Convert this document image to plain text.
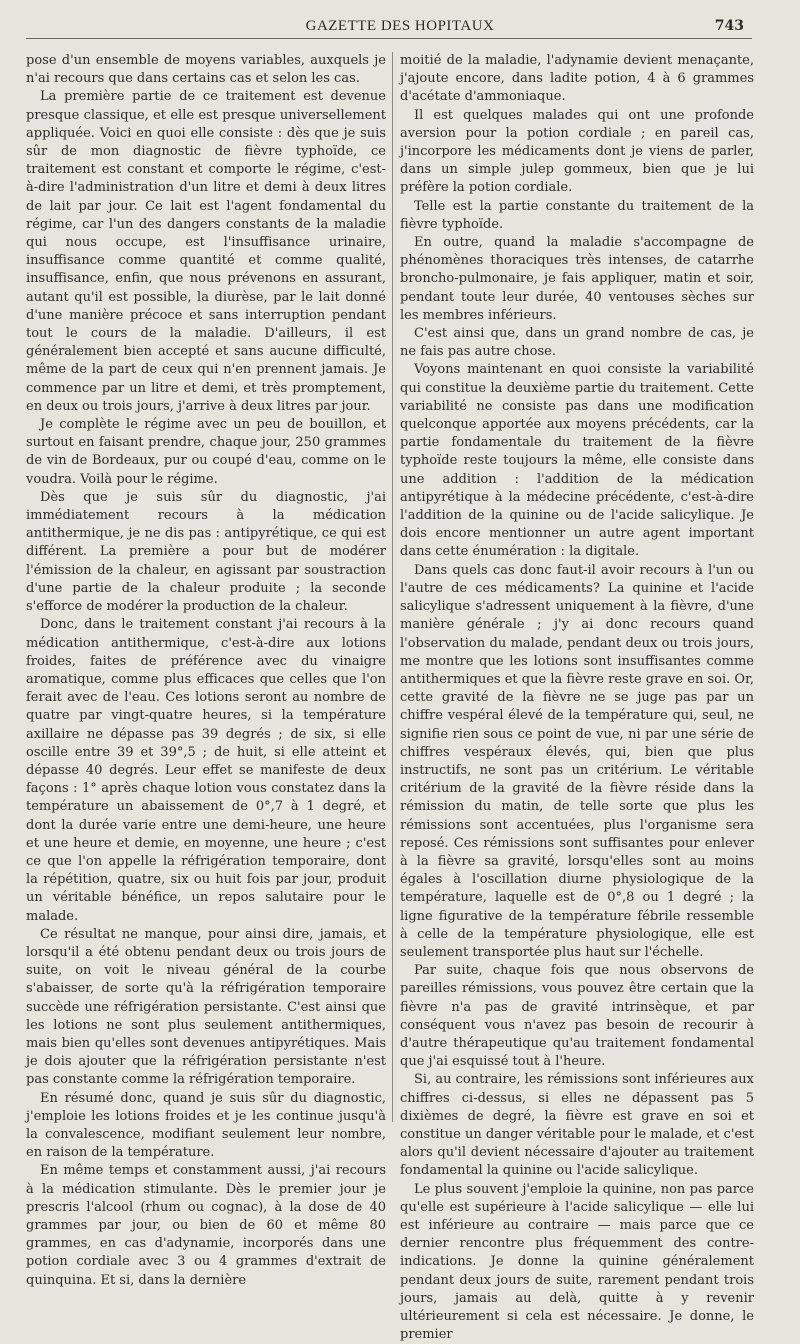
GAZETTE DES HOPITAUX	743

pose d'un ensemble de moyens variables, auxquels je n'ai recours que dans certains cas et selon les cas.

La première partie de ce traitement est devenue presque classique, et elle est presque universellement appliquée. Voici en quoi elle consiste : dès que je suis sûr de mon diagnostic de fièvre typhoïde, ce traitement est constant et comporte le régime, c'est-à-dire l'administration d'un litre et demi à deux litres de lait par jour. Ce lait est l'agent fondamental du régime, car l'un des dangers constants de la maladie qui nous occupe, est l'insuffisance urinaire, insuffisance comme quantité et comme qualité, insuffisance, enfin, que nous prévenons en assurant, autant qu'il est possible, la diurèse, par le lait donné d'une manière précoce et sans interruption pendant tout le cours de la maladie. D'ailleurs, il est généralement bien accepté et sans aucune difficulté, même de la part de ceux qui n'en prennent jamais. Je commence par un litre et demi, et très promptement, en deux ou trois jours, j'arrive à deux litres par jour.

Je complète le régime avec un peu de bouillon, et surtout en faisant prendre, chaque jour, 250 grammes de vin de Bordeaux, pur ou coupé d'eau, comme on le voudra. Voilà pour le régime.

Dès que je suis sûr du diagnostic, j'ai immédiatement recours à la médication antithermique, je ne dis pas : antipyrétique, ce qui est différent. La première a pour but de modérer l'émission de la chaleur, en agissant par soustraction d'une partie de la chaleur produite ; la seconde s'efforce de modérer la production de la chaleur.

Donc, dans le traitement constant j'ai recours à la médication antithermique, c'est-à-dire aux lotions froides, faites de préférence avec du vinaigre aromatique, comme plus efficaces que celles que l'on ferait avec de l'eau. Ces lotions seront au nombre de quatre par vingt-quatre heures, si la température axillaire ne dépasse pas 39 degrés ; de six, si elle oscille entre 39 et 39°,5 ; de huit, si elle atteint et dépasse 40 degrés. Leur effet se manifeste de deux façons : 1° après chaque lotion vous constatez dans la température un abaissement de 0°,7 à 1 degré, et dont la durée varie entre une demi-heure, une heure et une heure et demie, en moyenne, une heure ; c'est ce que l'on appelle la réfrigération temporaire, dont la répétition, quatre, six ou huit fois par jour, produit un véritable bénéfice, un repos salutaire pour le malade.

Ce résultat ne manque, pour ainsi dire, jamais, et lorsqu'il a été obtenu pendant deux ou trois jours de suite, on voit le niveau général de la courbe s'abaisser, de sorte qu'à la réfrigération temporaire succède une réfrigération persistante. C'est ainsi que les lotions ne sont plus seulement antithermiques, mais bien qu'elles sont devenues antipyrétiques. Mais je dois ajouter que la réfrigération persistante n'est pas constante comme la réfrigération temporaire.

En résumé donc, quand je suis sûr du diagnostic, j'emploie les lotions froides et je les continue jusqu'à la convalescence, modifiant seulement leur nombre, en raison de la température.

En même temps et constamment aussi, j'ai recours à la médication stimulante. Dès le premier jour je prescris l'alcool (rhum ou cognac), à la dose de 40 grammes par jour, ou bien de 60 et même 80 grammes, en cas d'adynamie, incorporés dans une potion cordiale avec 3 ou 4 grammes d'extrait de quinquina. Et si, dans la dernière

moitié de la maladie, l'adynamie devient menaçante, j'ajoute encore, dans ladite potion, 4 à 6 grammes d'acétate d'ammoniaque.

Il est quelques malades qui ont une profonde aversion pour la potion cordiale ; en pareil cas, j'incorpore les médicaments dont je viens de parler, dans un simple julep gommeux, bien que je lui préfère la potion cordiale.

Telle est la partie constante du traitement de la fièvre typhoïde.

En outre, quand la maladie s'accompagne de phénomènes thoraciques très intenses, de catarrhe broncho-pulmonaire, je fais appliquer, matin et soir, pendant toute leur durée, 40 ventouses sèches sur les membres inférieurs.

C'est ainsi que, dans un grand nombre de cas, je ne fais pas autre chose.

Voyons maintenant en quoi consiste la variabilité qui constitue la deuxième partie du traitement. Cette variabilité ne consiste pas dans une modification quelconque apportée aux moyens précédents, car la partie fondamentale du traitement de la fièvre typhoïde reste toujours la même, elle consiste dans une addition : l'addition de la médication antipyrétique à la médecine précédente, c'est-à-dire l'addition de la quinine ou de l'acide salicylique. Je dois encore mentionner un autre agent important dans cette énumération : la digitale.

Dans quels cas donc faut-il avoir recours à l'un ou l'autre de ces médicaments? La quinine et l'acide salicylique s'adressent uniquement à la fièvre, d'une manière générale ; j'y ai donc recours quand l'observation du malade, pendant deux ou trois jours, me montre que les lotions sont insuffisantes comme antithermiques et que la fièvre reste grave en soi. Or, cette gravité de la fièvre ne se juge pas par un chiffre vespéral élevé de la température qui, seul, ne signifie rien sous ce point de vue, ni par une série de chiffres vespéraux élevés, qui, bien que plus instructifs, ne sont pas un critérium. Le véritable critérium de la gravité de la fièvre réside dans la rémission du matin, de telle sorte que plus les rémissions sont accentuées, plus l'organisme sera reposé. Ces rémissions sont suffisantes pour enlever à la fièvre sa gravité, lorsqu'elles sont au moins égales à l'oscillation diurne physiologique de la température, laquelle est de 0°,8 ou 1 degré ; la ligne figurative de la température fébrile ressemble à celle de la température physiologique, elle est seulement transportée plus haut sur l'échelle.

Par suite, chaque fois que nous observons de pareilles rémissions, vous pouvez être certain que la fièvre n'a pas de gravité intrinsèque, et par conséquent vous n'avez pas besoin de recourir à d'autre thérapeutique qu'au traitement fondamental que j'ai esquissé tout à l'heure.

Si, au contraire, les rémissions sont inférieures aux chiffres ci-dessus, si elles ne dépassent pas 5 dixièmes de degré, la fièvre est grave en soi et constitue un danger véritable pour le malade, et c'est alors qu'il devient nécessaire d'ajouter au traitement fondamental la quinine ou l'acide salicylique.

Le plus souvent j'emploie la quinine, non pas parce qu'elle est supérieure à l'acide salicylique — elle lui est inférieure au contraire — mais parce que ce dernier rencontre plus fréquemment des contre-indications. Je donne la quinine généralement pendant deux jours de suite, rarement pendant trois jours, jamais au delà, quitte à y revenir ultérieurement si cela est nécessaire. Je donne, le premier
